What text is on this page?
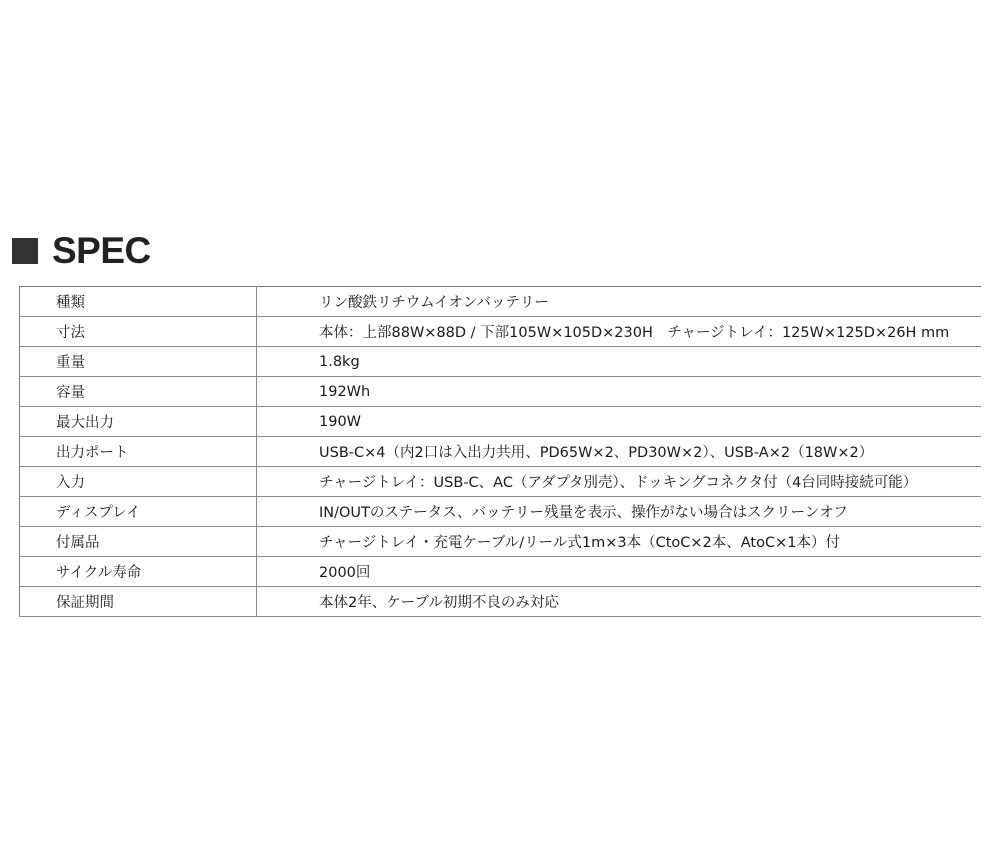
SPEC
種類	リン酸鉄リチウムイオンバッテリー
寸法	本体：上部88W×88D / 下部105W×105D×230H　チャージトレイ：125W×125D×26H mm
重量	1.8kg
容量	192Wh
最大出力	190W
出力ポート	USB-C×4（内2口は入出力共用、PD65W×2、PD30W×2）、USB-A×2（18W×2）
入力	チャージトレイ：USB-C、AC（アダプタ別売）、ドッキングコネクタ付（4台同時接続可能）
ディスプレイ	IN/OUTのステータス、バッテリー残量を表示、操作がない場合はスクリーンオフ
付属品	チャージトレイ・充電ケーブル/リール式1m×3本（CtoC×2本、AtoC×1本）付
サイクル寿命	2000回
保証期間	本体2年、ケーブル初期不良のみ対応
